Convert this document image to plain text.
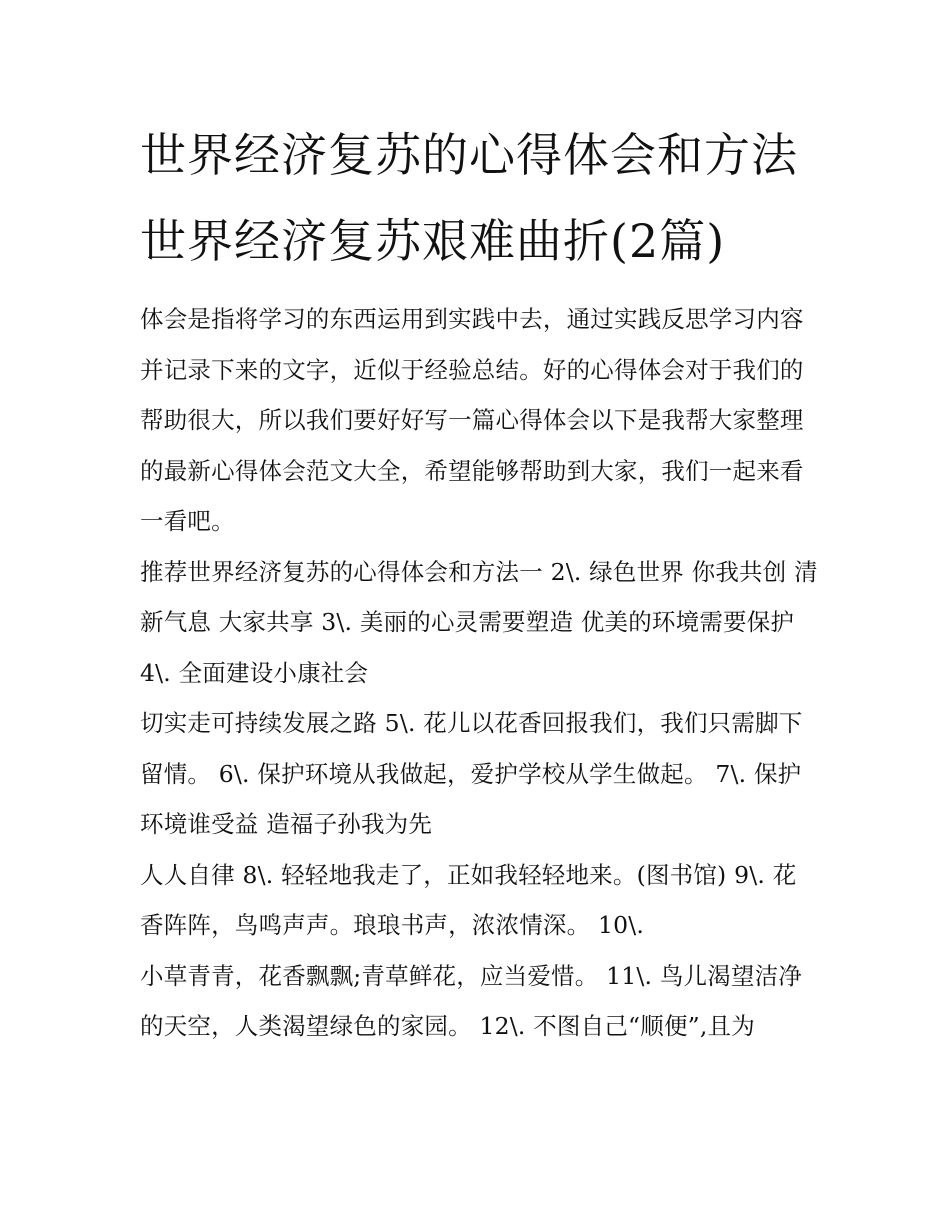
世界经济复苏的心得体会和方法 世界经济复苏艰难曲折(2篇)

体会是指将学习的东西运用到实践中去，通过实践反思学习内容并记录下来的文字，近似于经验总结。好的心得体会对于我们的帮助很大，所以我们要好好写一篇心得体会以下是我帮大家整理的最新心得体会范文大全，希望能够帮助到大家，我们一起来看一看吧。

推荐世界经济复苏的心得体会和方法一 2\. 绿色世界 你我共创 清新气息 大家共享 3\. 美丽的心灵需要塑造 优美的环境需要保护 4\. 全面建设小康社会

切实走可持续发展之路 5\. 花儿以花香回报我们，我们只需脚下留情。 6\. 保护环境从我做起，爱护学校从学生做起。 7\. 保护环境谁受益 造福子孙我为先

人人自律 8\. 轻轻地我走了，正如我轻轻地来。(图书馆) 9\. 花香阵阵，鸟鸣声声。琅琅书声，浓浓情深。 10\.

小草青青，花香飘飘;青草鲜花，应当爱惜。 11\. 鸟儿渴望洁净的天空，人类渴望绿色的家园。 12\. 不图自己“顺便”,且为
